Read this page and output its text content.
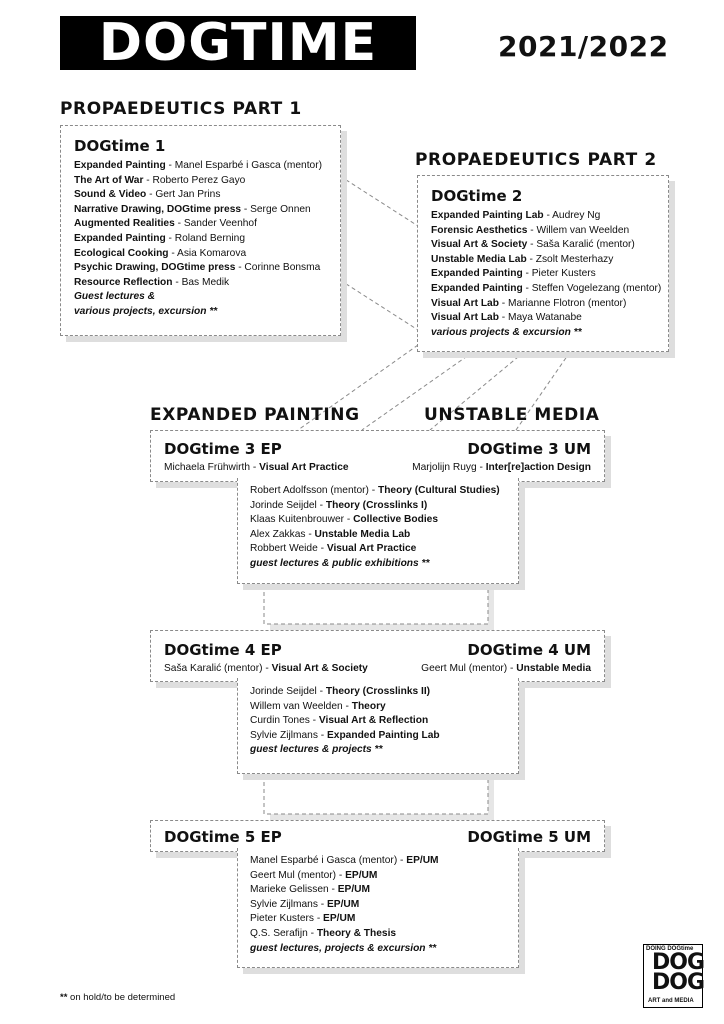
DOGTIME	2021/2022
PROPAEDEUTICS PART 1
PROPAEDEUTICS PART 2
DOGtime 1
Expanded Painting - Manel Esparbé i Gasca (mentor)
The Art of War - Roberto Perez Gayo
Sound & Video - Gert Jan Prins
Narrative Drawing, DOGtime press - Serge Onnen
Augmented Realities - Sander Veenhof
Expanded Painting - Roland Berning
Ecological Cooking - Asia Komarova
Psychic Drawing, DOGtime press - Corinne Bonsma
Resource Reflection - Bas Medik
Guest lectures &
various projects, excursion **
DOGtime 2
Expanded Painting Lab - Audrey Ng
Forensic Aesthetics - Willem van Weelden
Visual Art & Society - Saša Karalić (mentor)
Unstable Media Lab - Zsolt Mesterhazy
Expanded Painting - Pieter Kusters
Expanded Painting - Steffen Vogelezang (mentor)
Visual Art Lab - Marianne Flotron (mentor)
Visual Art Lab - Maya Watanabe
various projects & excursion **
EXPANDED PAINTING	UNSTABLE MEDIA
DOGtime 3 EP	DOGtime 3 UM
Michaela Frühwirth - Visual Art Practice	Marjolijn Ruyg - Inter[re]action Design
Robert Adolfsson (mentor) - Theory (Cultural Studies)
Jorinde Seijdel - Theory (Crosslinks I)
Klaas Kuitenbrouwer - Collective Bodies
Alex Zakkas - Unstable Media Lab
Robbert Weide - Visual Art Practice
guest lectures & public exhibitions **
DOGtime 4 EP	DOGtime 4 UM
Saša Karalić (mentor) - Visual Art & Society	Geert Mul (mentor) - Unstable Media
Jorinde Seijdel - Theory (Crosslinks II)
Willem van Weelden - Theory
Curdin Tones - Visual Art & Reflection
Sylvie Zijlmans - Expanded Painting Lab
guest lectures & projects **
DOGtime 5 EP	DOGtime 5 UM
Manel Esparbé i Gasca (mentor) - EP/UM
Geert Mul (mentor) - EP/UM
Marieke Gelissen - EP/UM
Sylvie Zijlmans - EP/UM
Pieter Kusters - EP/UM
Q.S. Serafijn - Theory & Thesis
guest lectures, projects & excursion **
** on hold/to be determined
DOING DOGtime
DOG
DOG
ART and MEDIA
